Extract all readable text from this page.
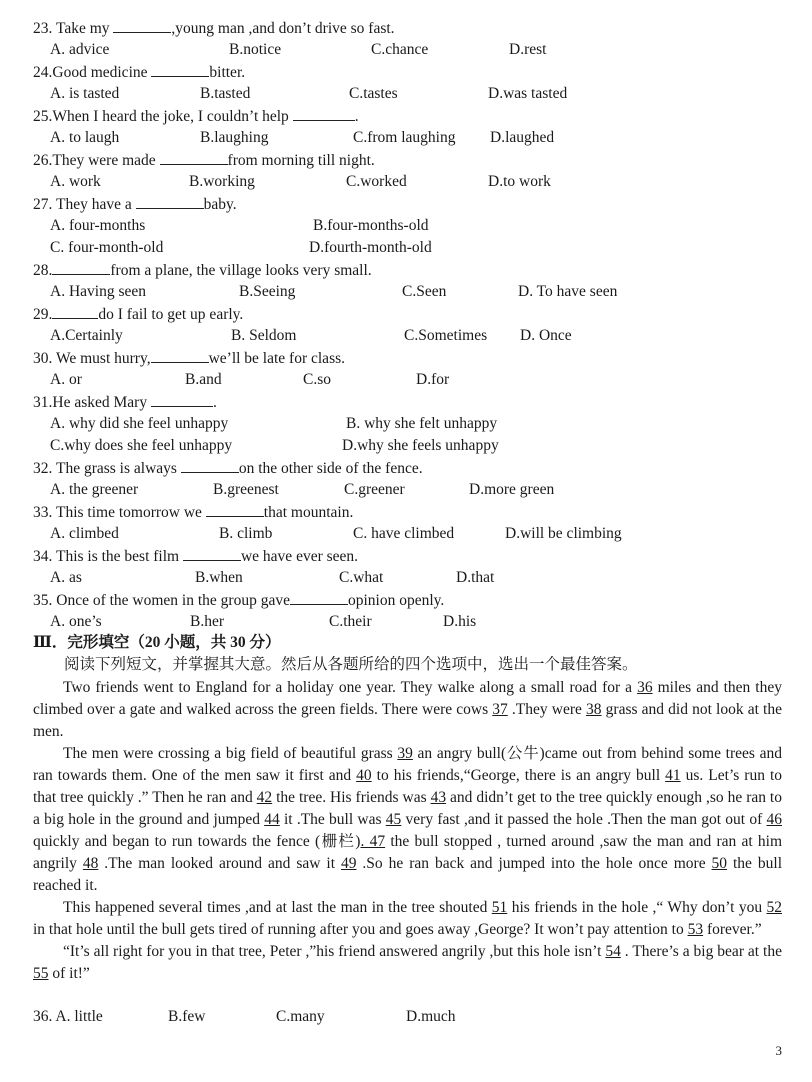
23. Take my	,young man ,and don’t drive so fast.
A. advice	B.notice	C.chance	D.rest
24.Good medicine	bitter.
A. is tasted	B.tasted	C.tastes	D.was tasted
25.When I heard the joke, I couldn’t help	.
A. to laugh	B.laughing	C.from laughing D.laughed
26.They were made	from morning till night.
A. work	B.working	C.worked	D.to work
27. They have a	baby.
A. four-months	B.four-months-old
C. four-month-old	D.fourth-month-old
28.	from a plane, the village looks very small.
A. Having seen	B.Seeing	C.Seen	D. To have seen
29.	do I fail to get up early.
A.Certainly	B. Seldom	C.Sometimes D. Once
30. We must hurry,	we’ll be late for class.
A. or	B.and	C.so	D.for
31.He asked Mary	.
A. why did she feel unhappy	B. why she felt unhappy
C.why does she feel unhappy	D.why she feels unhappy
32. The grass is always	on the other side of the fence.
A. the greener	B.greenest	C.greener	D.more green
33. This time tomorrow we	that mountain.
A. climbed	B. climb	C. have climbed	D.will be climbing
34. This is the best film	we have ever seen.
A. as	B.when	C.what	D.that
35. Once of the women in the group gave	opinion openly.
A. one’s	B.her	C.their	D.his
Ⅲ．完形填空（20 小题，共 30 分）
阅读下列短文，并掌握其大意。然后从各题所给的四个选项中，选出一个最佳答案。

Two friends went to England for a holiday one year. They walke along a small road for a 36 miles and then they climbed over a gate and walked across the green fields. There were cows 37 .They were 38 grass and did not look at the men.

The men were crossing a big field of beautiful grass 39 an angry bull(公牛)came out from behind some trees and ran towards them. One of the men saw it first and 40 to his friends,“George, there is an angry bull 41 us. Let’s run to that tree quickly .” Then he ran and 42 the tree. His friends was 43 and didn’t get to the tree quickly enough ,so he ran to a big hole in the ground and jumped 44 it .The bull was 45 very fast ,and it passed the hole .Then the man got out of 46 quickly and began to run towards the fence (栅栏). 47 the bull stopped , turned around ,saw the man and ran at him angrily 48 .The man looked around and saw it 49 .So he ran back and jumped into the hole once more 50 the bull reached it.

This happened several times ,and at last the man in the tree shouted 51 his friends in the hole ,“ Why don’t you 52 in that hole until the bull gets tired of running after you and goes away ,George? It won’t pay attention to 53 forever.”

“It’s all right for you in that tree, Peter ,”his friend answered angrily ,but this hole isn’t 54 . There’s a big bear at the 55 of it!”

36. A. little	B.few	C.many	D.much
3
